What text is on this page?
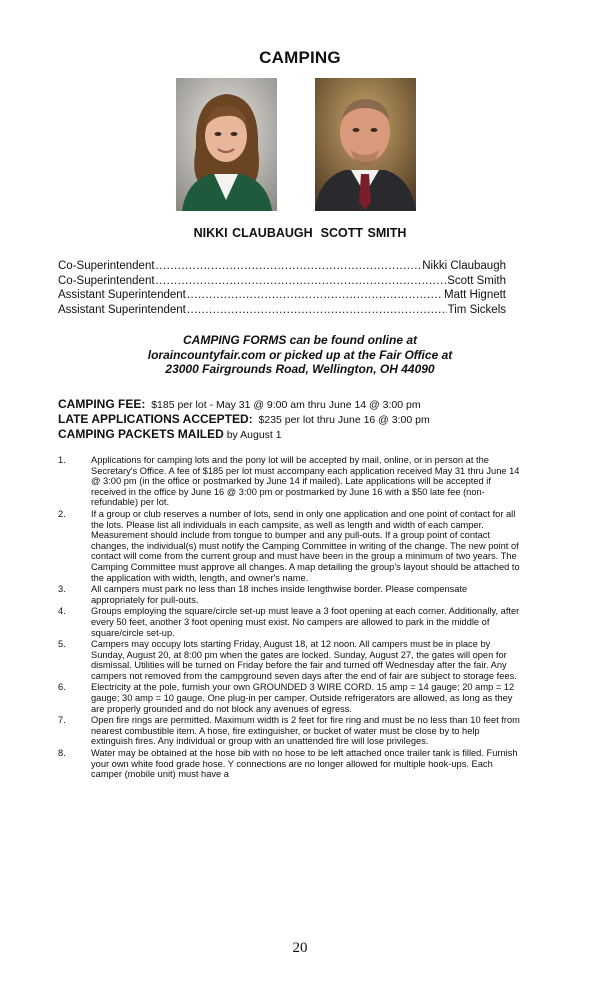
CAMPING
NIKKI CLAUBAUGH SCOTT SMITH
Co-Superintendent .....	Nikki Claubaugh
Co-Superintendent .....	Scott Smith
Assistant Superintendent .....	Matt Hignett
Assistant Superintendent .....	Tim Sickels
CAMPING FORMS can be found online at
loraincountyfair.com or picked up at the Fair Office at
23000 Fairgrounds Road, Wellington, OH 44090
CAMPING FEE: $185 per lot - May 31 @ 9:00 am thru June 14 @ 3:00 pm
LATE APPLICATIONS ACCEPTED: $235 per lot thru June 16 @ 3:00 pm
CAMPING PACKETS MAILED by August 1
1.	Applications for camping lots and the pony lot will be accepted by mail, online, or in person at the Secretary's Office. A fee of $185 per lot must accompany each application received May 31 thru June 14 @ 3:00 pm (in the office or postmarked by June 14 if mailed). Late applications will be accepted if received in the office by June 16 @ 3:00 pm or postmarked by June 16 with a $50 late fee (non-refundable) per lot.
2.	If a group or club reserves a number of lots, send in only one application and one point of contact for all the lots. Please list all individuals in each campsite, as well as length and width of each camper. Measurement should include from tongue to bumper and any pull-outs. If a group point of contact changes, the individual(s) must notify the Camping Committee in writing of the change. The new point of contact will come from the current group and must have been in the group a minimum of two years. The Camping Committee must approve all changes. A map detailing the group's layout should be attached to the application with width, length, and owner's name.
3.	All campers must park no less than 18 inches inside lengthwise border. Please compensate appropriately for pull-outs.
4.	Groups employing the square/circle set-up must leave a 3 foot opening at each corner. Additionally, after every 50 feet, another 3 foot opening must exist. No campers are allowed to park in the middle of square/circle set-up.
5.	Campers may occupy lots starting Friday, August 18, at 12 noon. All campers must be in place by Sunday, August 20, at 8:00 pm when the gates are locked. Sunday, August 27, the gates will open for dismissal. Utilities will be turned on Friday before the fair and turned off Wednesday after the fair. Any campers not removed from the campground seven days after the end of fair are subject to storage fees.
6.	Electricity at the pole, furnish your own GROUNDED 3 WIRE CORD. 15 amp = 14 gauge; 20 amp = 12 gauge; 30 amp = 10 gauge. One plug-in per camper. Outside refrigerators are allowed, as long as they are properly grounded and do not block any avenues of egress.
7.	Open fire rings are permitted. Maximum width is 2 feet for fire ring and must be no less than 10 feet from nearest combustible item. A hose, fire extinguisher, or bucket of water must be close by to help extinguish fires. Any individual or group with an unattended fire will lose privileges.
8.	Water may be obtained at the hose bib with no hose to be left attached once trailer tank is filled. Furnish your own white food grade hose. Y connections are no longer allowed for multiple hook-ups. Each camper (mobile unit) must have a
20
